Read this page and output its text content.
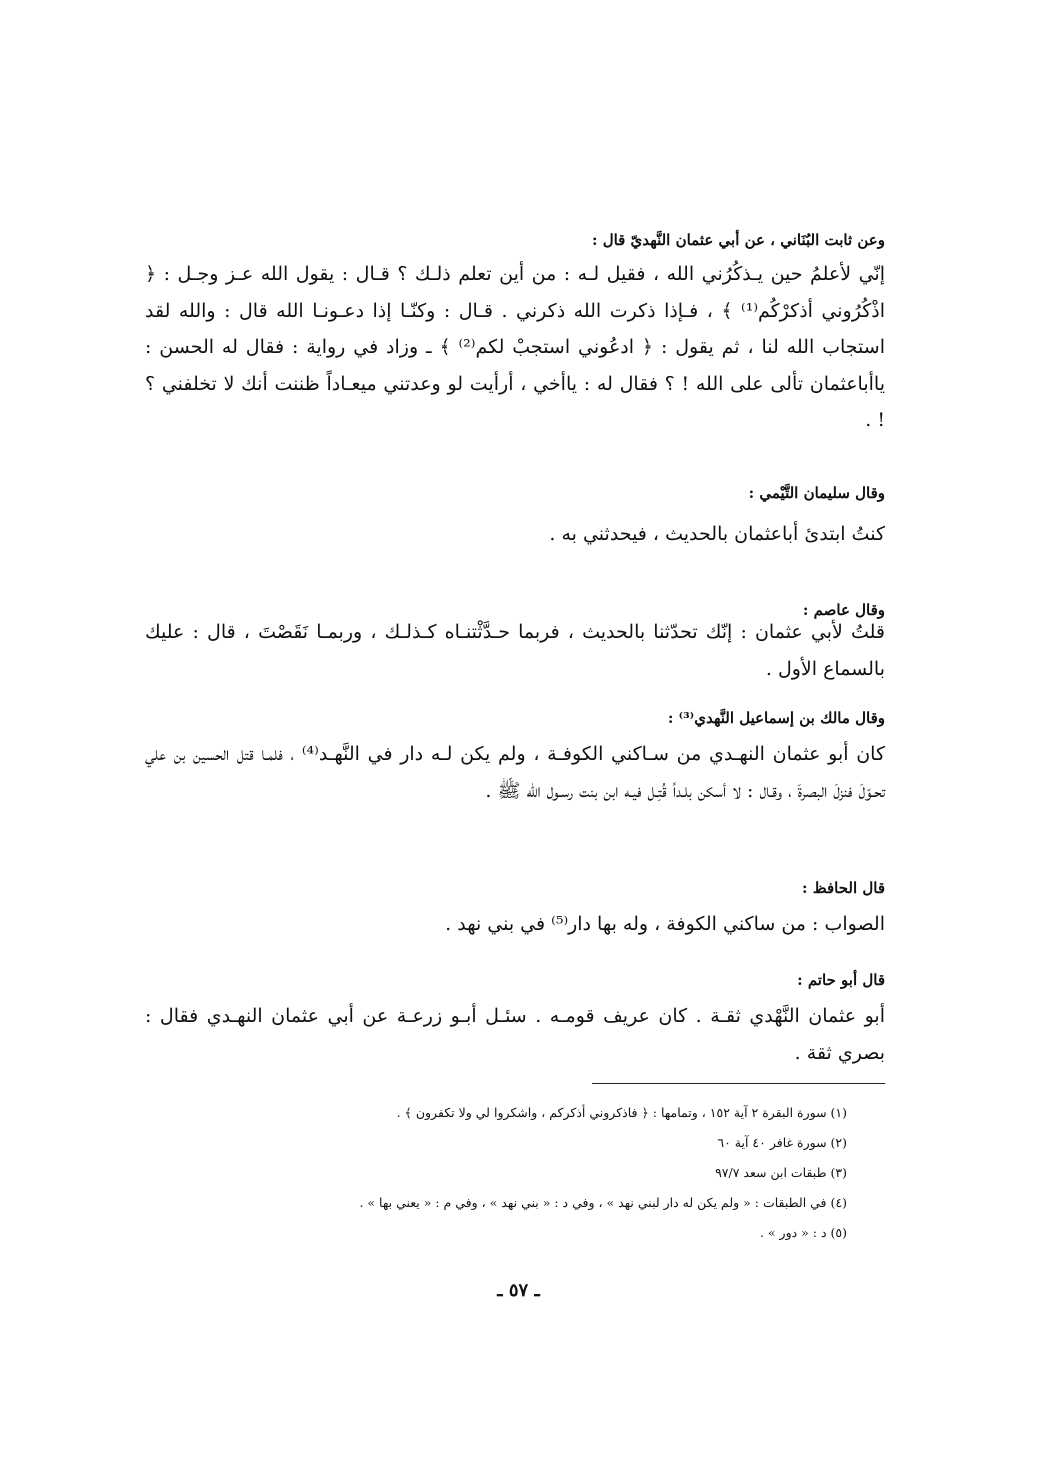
وعن ثابت البُنَاني ، عن أبي عثمان النَّهديّ قال :

إنّي لأعلمُ حين يـذكُرُني الله ، فقيل لـه : من أين تعلم ذلـك ؟ قـال : يقول الله عـز وجـل : ﴿ اذْكُرُوني أذكرْكُم⁽¹⁾ ﴾ ، فـإذا ذكرت الله ذكرني . قـال : وكنّـا إذا دعـونـا الله قال : والله لقد استجاب الله لنا ، ثم يقول : ﴿ ادعُوني استجبْ لكم⁽²⁾ ﴾ ـ وزاد في رواية : فقال له الحسن : ياأباعثمان تألى على الله ! ؟ فقال له : ياأخي ، أرأيت لو وعدتني ميعـاداً ظننت أنك لا تخلفني ؟ ! .

وقال سليمان التَّيْمي :

كنتُ ابتدئ أباعثمان بالحديث ، فيحدثني به .

وقال عاصم :

قلتُ لأبي عثمان : إنّك تحدّثنا بالحديث ، فربما حـدَّثْتنـاه كـذلـك ، وربمـا نَقَصْتَ ، قال : عليك بالسماع الأول .

وقال مالك بن إسماعيل النَّهدي⁽³⁾ :

كان أبو عثمان النهـدي من سـاكني الكوفـة ، ولم يكن لـه دار في النَّهـد⁽⁴⁾ ، فلمـا قتل الحسين بن علي تحـوّلَ فنزلَ البصرةَ ، وقـال : لا أسكن بلـداً قُتِـل فيـه ابن بنت رسـول الله ﷺ .

قال الحافظ :

الصواب : من ساكني الكوفة ، وله بها دار⁽⁵⁾ في بني نهد .

قال أبو حاتم :

أبو عثمان النَّهْدي ثقـة . كان عريف قومـه . سئـل أبـو زرعـة عن أبي عثمان النهـدي فقال : بصري ثقة .

(١) سورة البقرة ٢ آية ١٥٢ ، وتمامها : ﴿ فاذكروني أذكركم ، واشكروا لي ولا تكفرون ﴾ .
(٢) سورة غافر ٤٠ آية ٦٠
(٣) طبقات ابن سعد ٩٧/٧
(٤) في الطبقات : « ولم يكن له دار لبني نهد » ، وفي د : « بني نهد » ، وفي م : « يعني بها » .
(٥) د : « دور » .
ـ ٥٧ ـ
